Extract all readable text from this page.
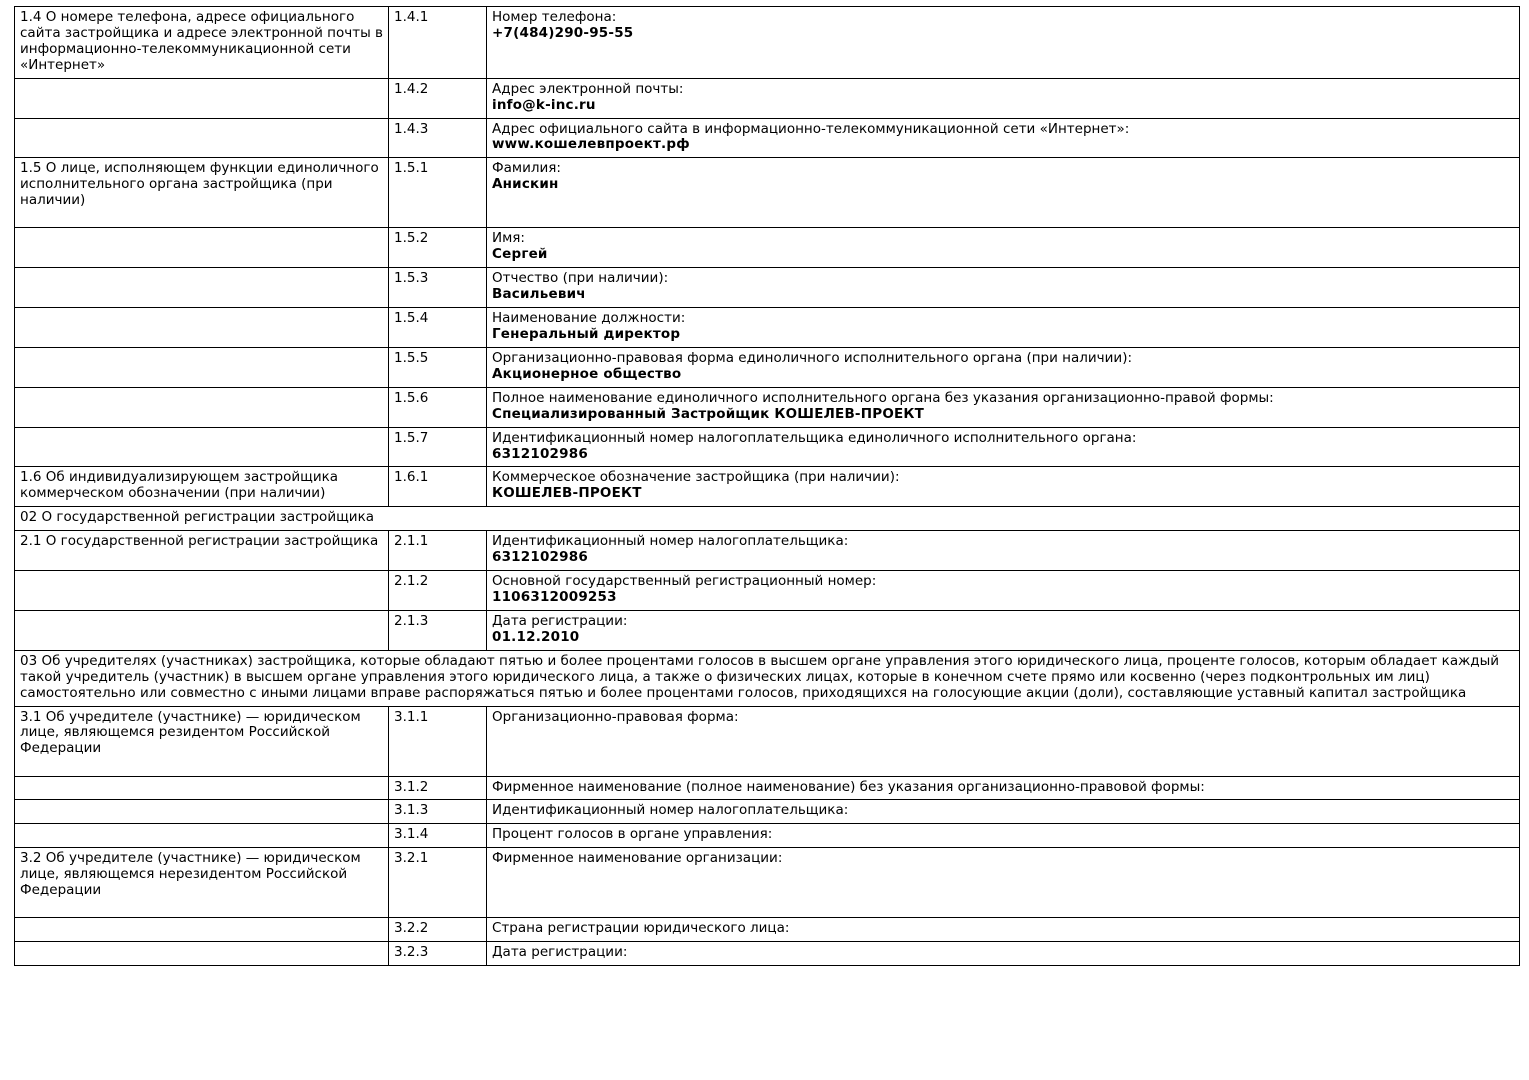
1.4 О номере телефона, адресе официального сайта застройщика и адресе электронной почты в информационно-телекоммуникационной сети «Интернет»	1.4.1	Номер телефона:
+7(484)290-95-55

	1.4.2	Адрес электронной почты:
info@k-inc.ru

	1.4.3	Адрес официального сайта в информационно-телекоммуникационной сети «Интернет»:
www.кошелевпроект.рф

1.5 О лице, исполняющем функции единоличного исполнительного органа застройщика (при наличии)	1.5.1	Фамилия:
Анискин

	1.5.2	Имя:
Сергей

	1.5.3	Отчество (при наличии):
Васильевич

	1.5.4	Наименование должности:
Генеральный директор

	1.5.5	Организационно-правовая форма единоличного исполнительного органа (при наличии):
Акционерное общество

	1.5.6	Полное наименование единоличного исполнительного органа без указания организационно-правой формы:
Специализированный Застройщик КОШЕЛЕВ-ПРОЕКТ

	1.5.7	Идентификационный номер налогоплательщика единоличного исполнительного органа:
6312102986

1.6 Об индивидуализирующем застройщика коммерческом обозначении (при наличии)	1.6.1	Коммерческое обозначение застройщика (при наличии):
КОШЕЛЕВ-ПРОЕКТ

02 О государственной регистрации застройщика		
2.1 О государственной регистрации застройщика	2.1.1	Идентификационный номер налогоплательщика:
6312102986

	2.1.2	Основной государственный регистрационный номер:
1106312009253

	2.1.3	Дата регистрации:
01.12.2010

03 Об учредителях (участниках) застройщика, которые обладают пятью и более процентами голосов в высшем органе управления этого юридического лица, проценте голосов, которым обладает каждый такой учредитель (участник) в высшем органе управления этого юридического лица, а также о физических лицах, которые в конечном счете прямо или косвенно (через подконтрольных им лиц) самостоятельно или совместно с иными лицами вправе распоряжаться пятью и более процентами голосов, приходящихся на голосующие акции (доли), составляющие уставный капитал застройщика		
3.1 Об учредителе (участнике) — юридическом лице, являющемся резидентом Российской Федерации	3.1.1	Организационно-правовая форма:

	3.1.2	Фирменное наименование (полное наименование) без указания организационно-правовой формы:

	3.1.3	Идентификационный номер налогоплательщика:

	3.1.4	Процент голосов в органе управления:

3.2 Об учредителе (участнике) — юридическом лице, являющемся нерезидентом Российской Федерации	3.2.1	Фирменное наименование организации:

	3.2.2	Страна регистрации юридического лица:

	3.2.3	Дата регистрации:
